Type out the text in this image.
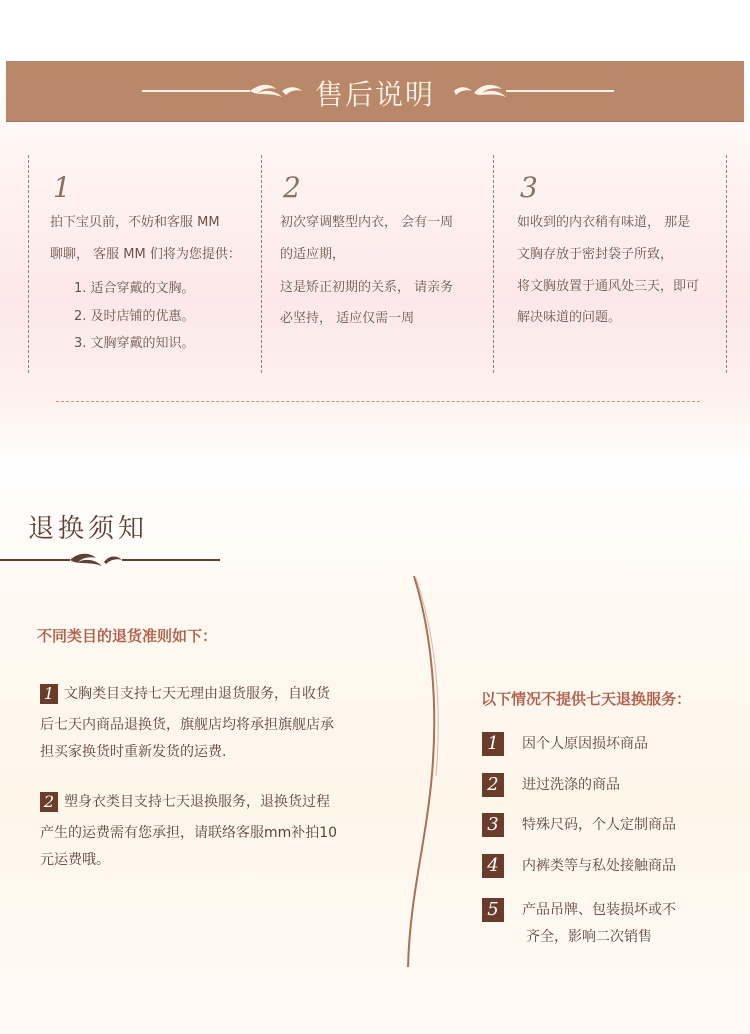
售后说明
1
拍下宝贝前，不妨和客服 MM
聊聊， 客服 MM 们将为您提供：
1. 适合穿戴的文胸。
2. 及时店铺的优惠。
3. 文胸穿戴的知识。
2
初次穿调整型内衣， 会有一周
的适应期，
这是矫正初期的关系， 请亲务
必坚持， 适应仅需一周
3
如收到的内衣稍有味道， 那是
文胸存放于密封袋子所致，
将文胸放置于通风处三天，即可
解决味道的问题。
退换须知
不同类目的退货准则如下：
1 文胸类目支持七天无理由退货服务，自收货
后七天内商品退换货，旗舰店均将承担旗舰店承
担买家换货时重新发货的运费.
2 塑身衣类目支持七天退换服务，退换货过程
产生的运费需有您承担，请联络客服mm补拍10
元运费哦。
以下情况不提供七天退换服务：
1 因个人原因损坏商品
2 进过洗涤的商品
3 特殊尺码，个人定制商品
4 内裤类等与私处接触商品
5 产品吊牌、包装损坏或不
齐全，影响二次销售
